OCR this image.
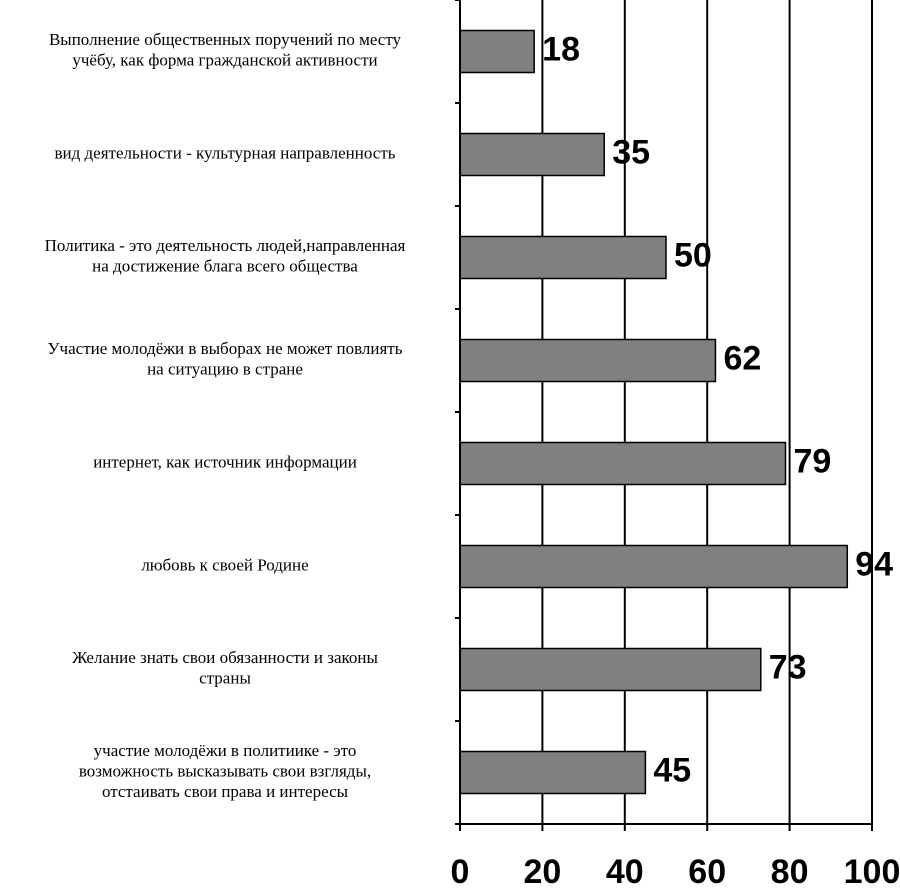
18
35
50
62
79
94
73
45
Выполнение общественных поручений по месту учёбу, как форма гражданской активности
вид деятельности - культурная направленность
Политика - это деятельность людей,направленная на достижение блага всего общества
Участие молодёжи в выборах не может повлиять на ситуацию в стране
интернет, как источник информации
любовь к своей Родине
Желание знать свои обязанности и законы страны
участие молодёжи в политиике - это возможность высказывать свои взгляды, отстаивать свои права и интересы
0 20 40 60 80 100
